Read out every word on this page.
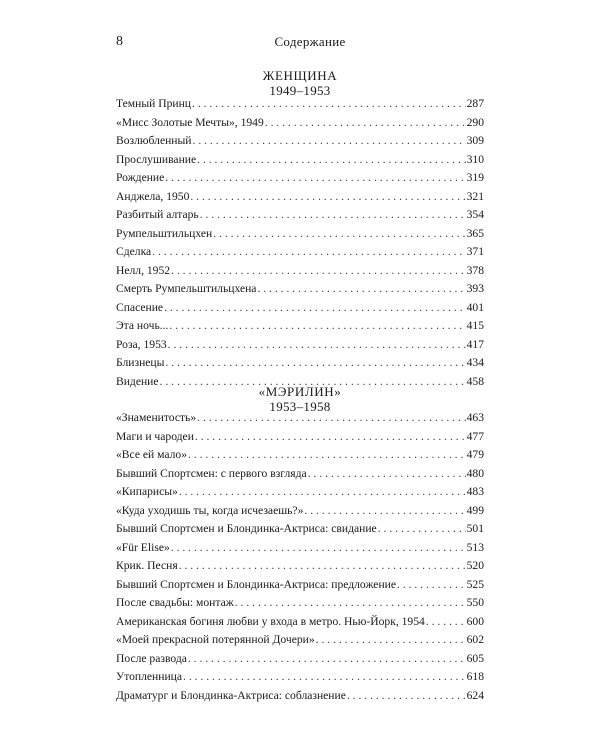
8	Содержание
ЖЕНЩИНА
1949–1953
Темный Принц . . .	287
«Мисс Золотые Мечты», 1949 . . .	290
Возлюбленный . . .	309
Прослушивание . . .	310
Рождение . . .	319
Анджела, 1950 . . .	321
Разбитый алтарь . . .	354
Румпельштильцхен . . .	365
Сделка . . .	371
Нелл, 1952 . . .	378
Смерть Румпельштильцхена . . .	393
Спасение . . .	401
Эта ночь... . . .	415
Роза, 1953 . . .	417
Близнецы . . .	434
Видение . . .	458
«МЭРИЛИН»
1953–1958
«Знаменитость» . . .	463
Маги и чародеи . . .	477
«Все ей мало» . . .	479
Бывший Спортсмен: с первого взгляда . . .	480
«Кипарисы» . . .	483
«Куда уходишь ты, когда исчезаешь?» . . .	499
Бывший Спортсмен и Блондинка-Актриса: свидание . . .	501
«Für Elise» . . .	513
Крик. Песня . . .	520
Бывший Спортсмен и Блондинка-Актриса: предложение . . .	525
После свадьбы: монтаж . . .	550
Американская богиня любви у входа в метро. Нью-Йорк, 1954 . . .	600
«Моей прекрасной потерянной Дочери» . . .	602
После развода . . .	605
Утопленница . . .	618
Драматург и Блондинка-Актриса: соблазнение . . .	624
